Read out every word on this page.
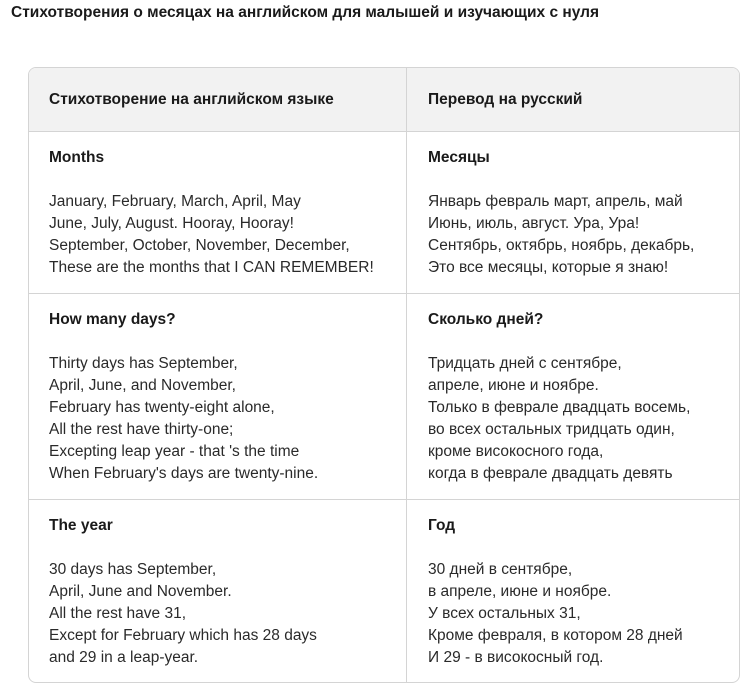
Стихотворения о месяцах на английском для малышей и изучающих с нуля
Стихотворение на английском языке	Перевод на русский
Months
January, February, March, April, May
June, July, August. Hooray, Hooray!
September, October, November, December,
These are the months that I CAN REMEMBER!
Месяцы
Январь февраль март, апрель, май
Июнь, июль, август. Ура, Ура!
Сентябрь, октябрь, ноябрь, декабрь,
Это все месяцы, которые я знаю!
How many days?
Thirty days has September,
April, June, and November,
February has twenty-eight alone,
All the rest have thirty-one;
Excepting leap year - that 's the time
When February's days are twenty-nine.
Сколько дней?
Тридцать дней с сентябре,
апреле, июне и ноябре.
Только в феврале двадцать восемь,
во всех остальных тридцать один,
кроме високосного года,
когда в феврале двадцать девять
The year
30 days has September,
April, June and November.
All the rest have 31,
Except for February which has 28 days
and 29 in a leap-year.
Год
30 дней в сентябре,
в апреле, июне и ноябре.
У всех остальных 31,
Кроме февраля, в котором 28 дней
И 29 - в високосный год.
